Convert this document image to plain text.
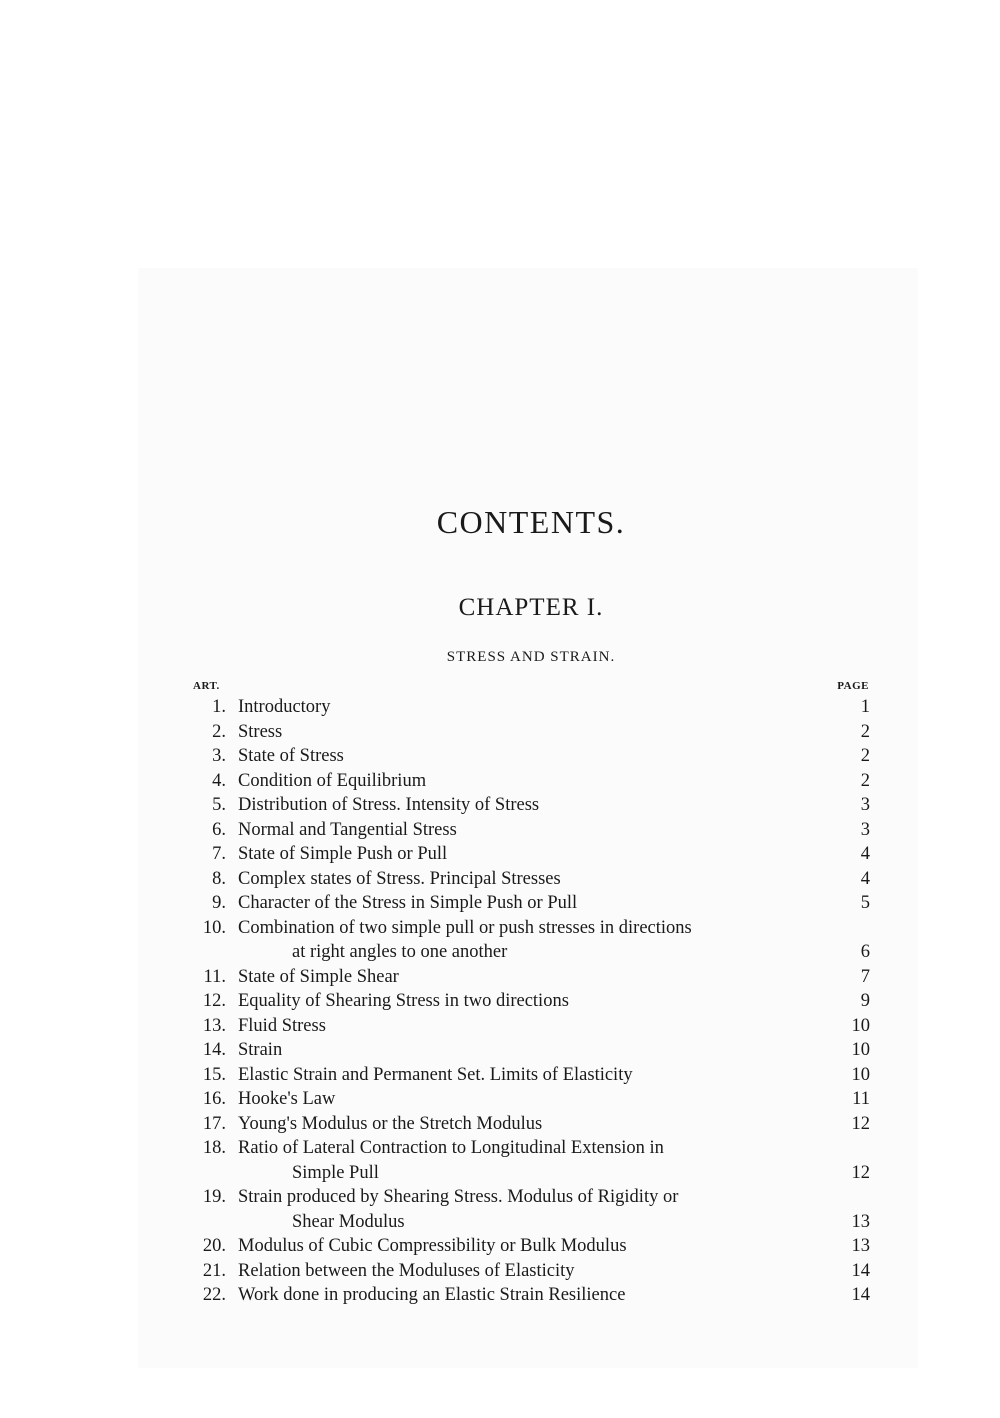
CONTENTS.
CHAPTER I.
STRESS AND STRAIN.
ART.	PAGE
1. Introductory	1
2. Stress	2
3. State of Stress	2
4. Condition of Equilibrium	2
5. Distribution of Stress. Intensity of Stress	3
6. Normal and Tangential Stress	3
7. State of Simple Push or Pull	4
8. Complex states of Stress. Principal Stresses	4
9. Character of the Stress in Simple Push or Pull	5
10. Combination of two simple pull or push stresses in directions
at right angles to one another	6
11. State of Simple Shear	7
12. Equality of Shearing Stress in two directions	9
13. Fluid Stress	10
14. Strain	10
15. Elastic Strain and Permanent Set. Limits of Elasticity	10
16. Hooke's Law	11
17. Young's Modulus or the Stretch Modulus	12
18. Ratio of Lateral Contraction to Longitudinal Extension in
Simple Pull	12
19. Strain produced by Shearing Stress. Modulus of Rigidity or
Shear Modulus	13
20. Modulus of Cubic Compressibility or Bulk Modulus	13
21. Relation between the Moduluses of Elasticity	14
22. Work done in producing an Elastic Strain Resilience	14
